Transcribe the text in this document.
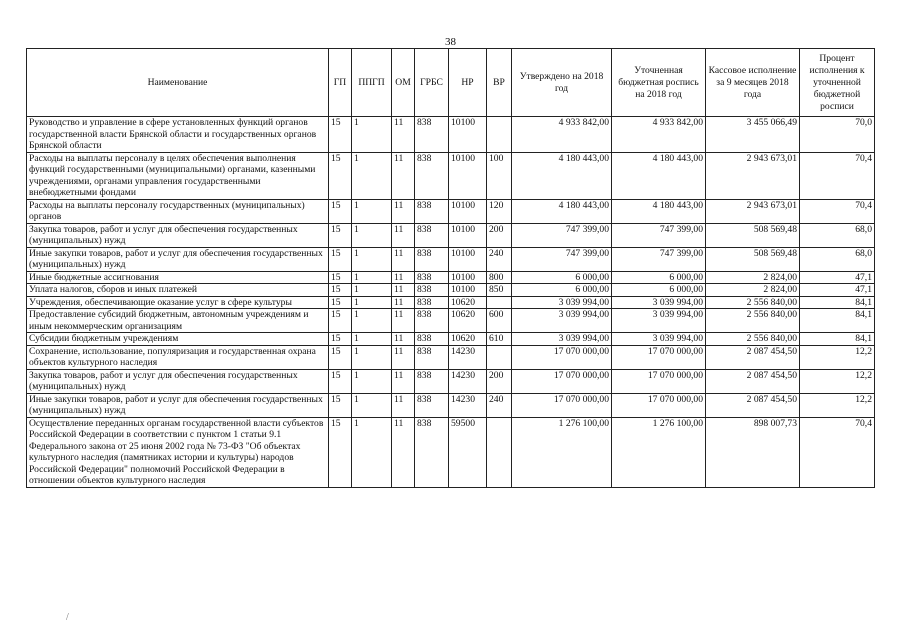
38
Наименование	ГП	ППГП	ОМ	ГРБС	НР	ВР	Утверждено на 2018 год	Уточненная бюджетная роспись на 2018 год	Кассовое исполнение за 9 месяцев 2018 года	Процент исполнения к уточненной бюджетной росписи
Руководство и управление в сфере установленных функций органов государственной власти Брянской области и государственных органов Брянской области	15	1	11	838	10100		4 933 842,00	4 933 842,00	3 455 066,49	70,0
Расходы на выплаты персоналу в целях обеспечения выполнения функций государственными (муниципальными) органами, казенными учреждениями, органами управления государственными внебюджетными фондами	15	1	11	838	10100	100	4 180 443,00	4 180 443,00	2 943 673,01	70,4
Расходы на выплаты персоналу государственных (муниципальных) органов	15	1	11	838	10100	120	4 180 443,00	4 180 443,00	2 943 673,01	70,4
Закупка товаров, работ и услуг для обеспечения государственных (муниципальных) нужд	15	1	11	838	10100	200	747 399,00	747 399,00	508 569,48	68,0
Иные закупки товаров, работ и услуг для обеспечения государственных (муниципальных) нужд	15	1	11	838	10100	240	747 399,00	747 399,00	508 569,48	68,0
Иные бюджетные ассигнования	15	1	11	838	10100	800	6 000,00	6 000,00	2 824,00	47,1
Уплата налогов, сборов и иных платежей	15	1	11	838	10100	850	6 000,00	6 000,00	2 824,00	47,1
Учреждения, обеспечивающие оказание услуг в сфере культуры	15	1	11	838	10620		3 039 994,00	3 039 994,00	2 556 840,00	84,1
Предоставление субсидий бюджетным, автономным учреждениям и иным некоммерческим организациям	15	1	11	838	10620	600	3 039 994,00	3 039 994,00	2 556 840,00	84,1
Субсидии бюджетным учреждениям	15	1	11	838	10620	610	3 039 994,00	3 039 994,00	2 556 840,00	84,1
Сохранение, использование, популяризация и государственная охрана объектов культурного наследия	15	1	11	838	14230		17 070 000,00	17 070 000,00	2 087 454,50	12,2
Закупка товаров, работ и услуг для обеспечения государственных (муниципальных) нужд	15	1	11	838	14230	200	17 070 000,00	17 070 000,00	2 087 454,50	12,2
Иные закупки товаров, работ и услуг для обеспечения государственных (муниципальных) нужд	15	1	11	838	14230	240	17 070 000,00	17 070 000,00	2 087 454,50	12,2
Осуществление переданных органам государственной власти субъектов Российской Федерации в соответствии с пунктом 1 статьи 9.1 Федерального закона от 25 июня 2002 года № 73-ФЗ "Об объектах культурного наследия (памятниках истории и культуры) народов Российской Федерации" полномочий Российской Федерации в отношении объектов культурного наследия	15	1	11	838	59500		1 276 100,00	1 276 100,00	898 007,73	70,4
/
